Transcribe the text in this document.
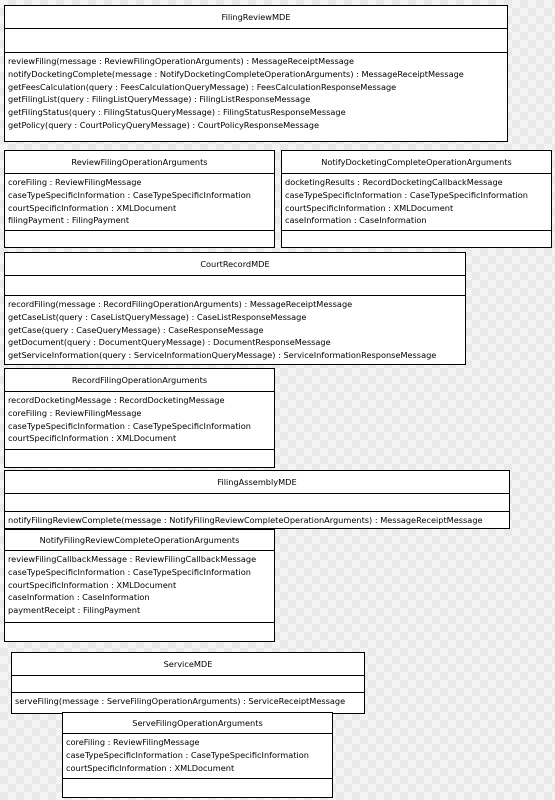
FilingReviewMDE
reviewFiling(message : ReviewFilingOperationArguments) : MessageReceiptMessage
notifyDocketingComplete(message : NotifyDocketingCompleteOperationArguments) : MessageReceiptMessage
getFeesCalculation(query : FeesCalculationQueryMessage) : FeesCalculationResponseMessage
getFilingList(query : FilingListQueryMessage) : FilingListResponseMessage
getFilingStatus(query : FilingStatusQueryMessage) : FilingStatusResponseMessage
getPolicy(query : CourtPolicyQueryMessage) : CourtPolicyResponseMessage
ReviewFilingOperationArguments
coreFiling : ReviewFilingMessage
caseTypeSpecificInformation : CaseTypeSpecificInformation
courtSpecificInformation : XMLDocument
filingPayment : FilingPayment
NotifyDocketingCompleteOperationArguments
docketingResults : RecordDocketingCallbackMessage
caseTypeSpecificInformation : CaseTypeSpecificInformation
courtSpecificInformation : XMLDocument
caseInformation : CaseInformation
CourtRecordMDE
recordFiling(message : RecordFilingOperationArguments) : MessageReceiptMessage
getCaseList(query : CaseListQueryMessage) : CaseListResponseMessage
getCase(query : CaseQueryMessage) : CaseResponseMessage
getDocument(query : DocumentQueryMessage) : DocumentResponseMessage
getServiceInformation(query : ServiceInformationQueryMessage) : ServiceInformationResponseMessage
RecordFilingOperationArguments
recordDocketingMessage : RecordDocketingMessage
coreFiling : ReviewFilingMessage
caseTypeSpecificInformation : CaseTypeSpecificInformation
courtSpecificInformation : XMLDocument
FilingAssemblyMDE
notifyFilingReviewComplete(message : NotifyFilingReviewCompleteOperationArguments) : MessageReceiptMessage
NotifyFilingReviewCompleteOperationArguments
reviewFilingCallbackMessage : ReviewFilingCallbackMessage
caseTypeSpecificInformation : CaseTypeSpecificInformation
courtSpecificInformation : XMLDocument
caseInformation : CaseInformation
paymentReceipt : FilingPayment
ServiceMDE
serveFiling(message : ServeFilingOperationArguments) : ServiceReceiptMessage
ServeFilingOperationArguments
coreFiling : ReviewFilingMessage
caseTypeSpecificInformation : CaseTypeSpecificInformation
courtSpecificInformation : XMLDocument
